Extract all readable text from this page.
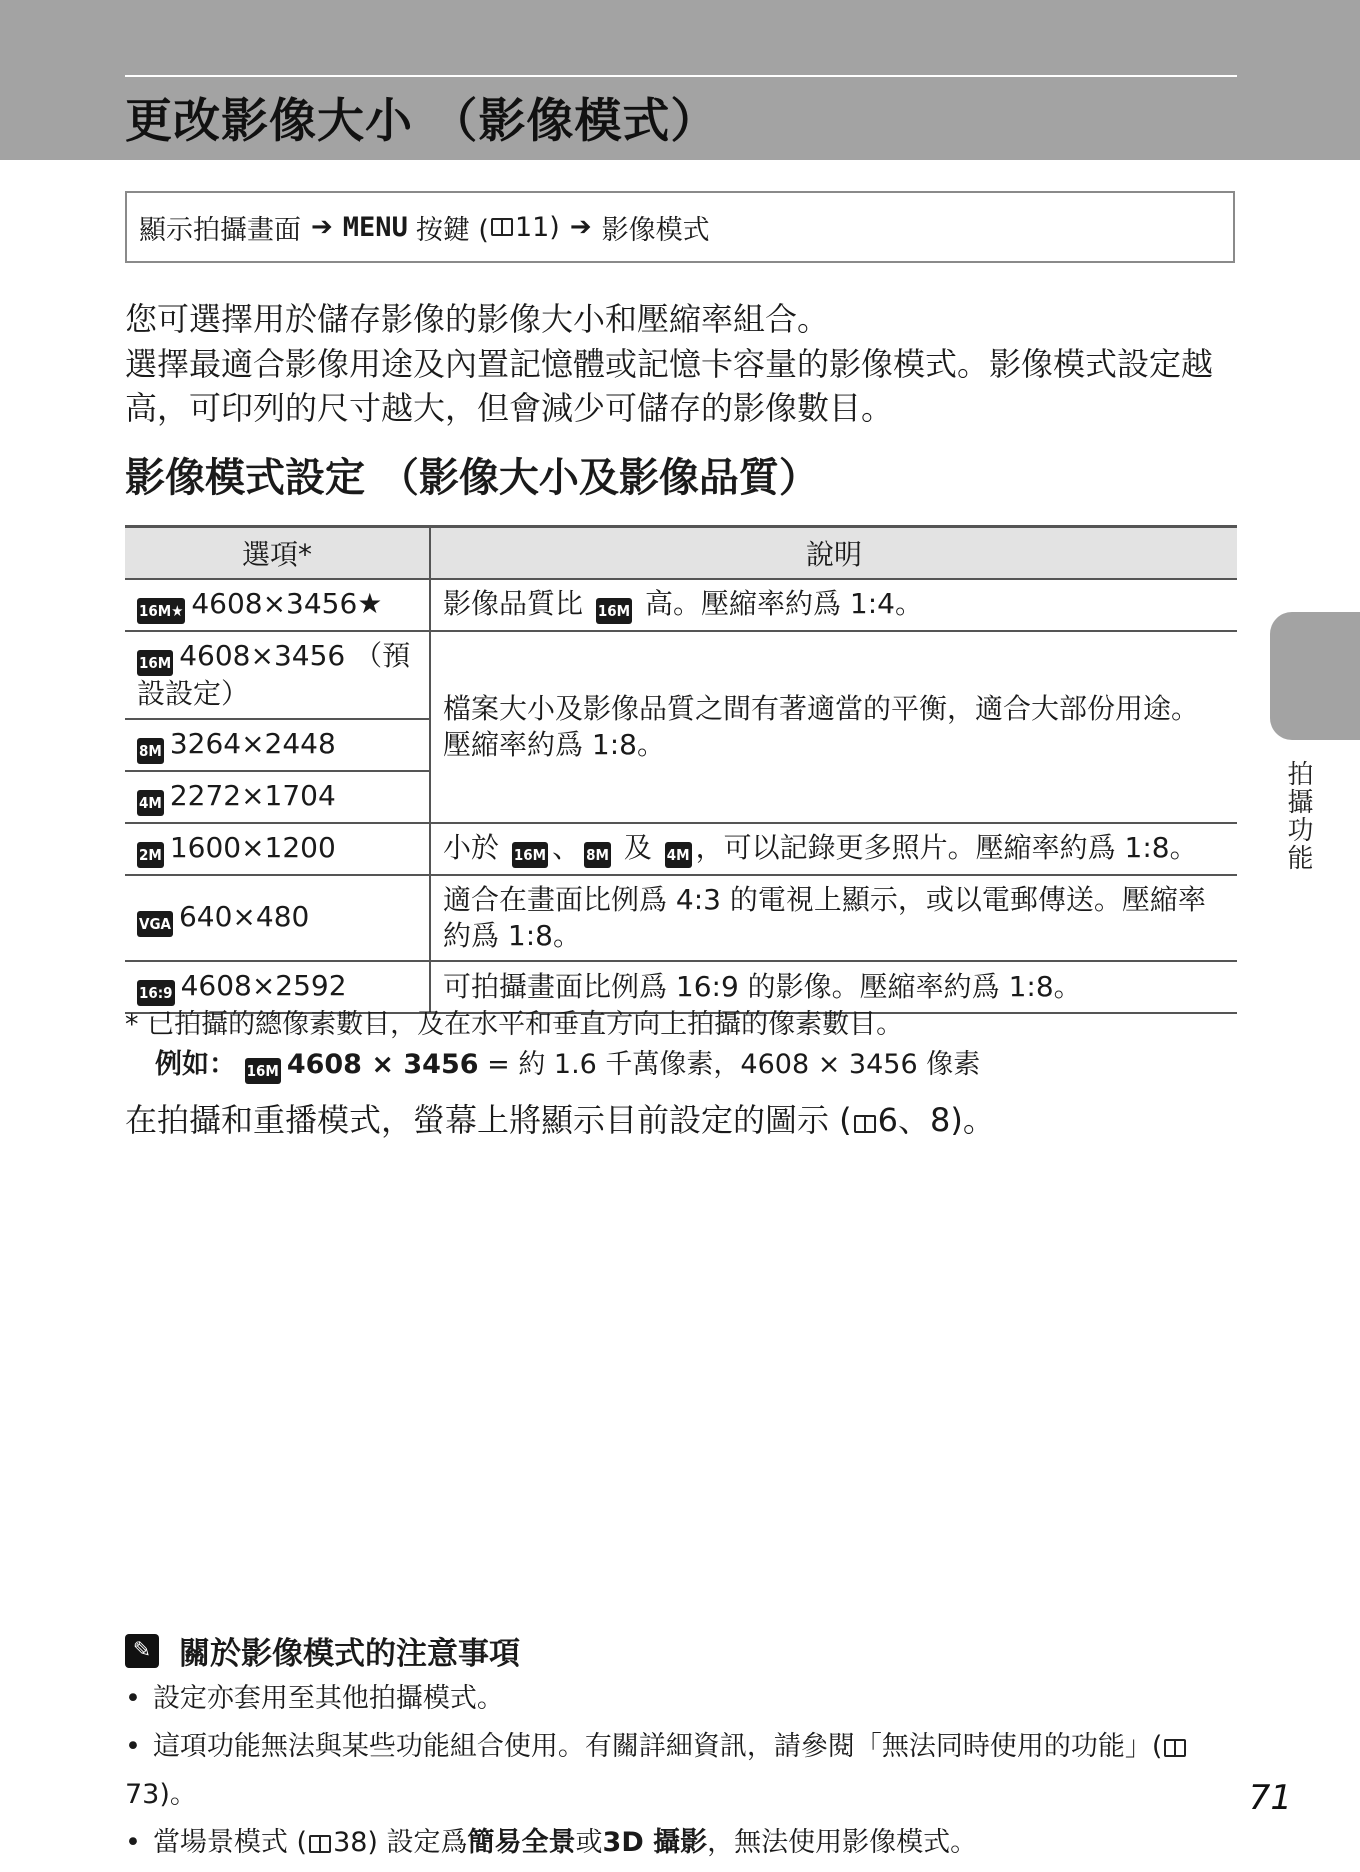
更改影像大小 （影像模式）
顯示拍攝畫面 ➔ MENU 按鍵 ( 11) ➔ 影像模式

您可選擇用於儲存影像的影像大小和壓縮率組合。

選擇最適合影像用途及內置記憶體或記憶卡容量的影像模式。影像模式設定越高，可印列的尺寸越大，但會減少可儲存的影像數目。

影像模式設定 （影像大小及影像品質）
選項*	說明
16M★ 4608×3456★	影像品質比 16M 高。壓縮率約爲 1:4。
16M 4608×3456 （預設設定）	檔案大小及影像品質之間有著適當的平衡，適合大部份用途。壓縮率約爲 1:8。
8M 3264×2448	
4M 2272×1704	
2M 1600×1200	小於 16M 、 8M 及 4M ，可以記錄更多照片。壓縮率約爲 1:8。
VGA 640×480	適合在畫面比例爲 4:3 的電視上顯示，或以電郵傳送。壓縮率約爲 1:8。
16:9 4608×2592	可拍攝畫面比例爲 16:9 的影像。壓縮率約爲 1:8。
* 已拍攝的總像素數目，及在水平和垂直方向上拍攝的像素數目。
例如： 16M 4608 × 3456 = 約 1.6 千萬像素，4608 × 3456 像素

在拍攝和重播模式，螢幕上將顯示目前設定的圖示 ( 6、8)。

拍攝功能
✎ 關於影像模式的注意事項
• 設定亦套用至其他拍攝模式。
• 這項功能無法與某些功能組合使用。有關詳細資訊，請參閱「無法同時使用的功能」(73)。
• 當場景模式 ( 38) 設定爲簡易全景或3D 攝影，無法使用影像模式。
71
